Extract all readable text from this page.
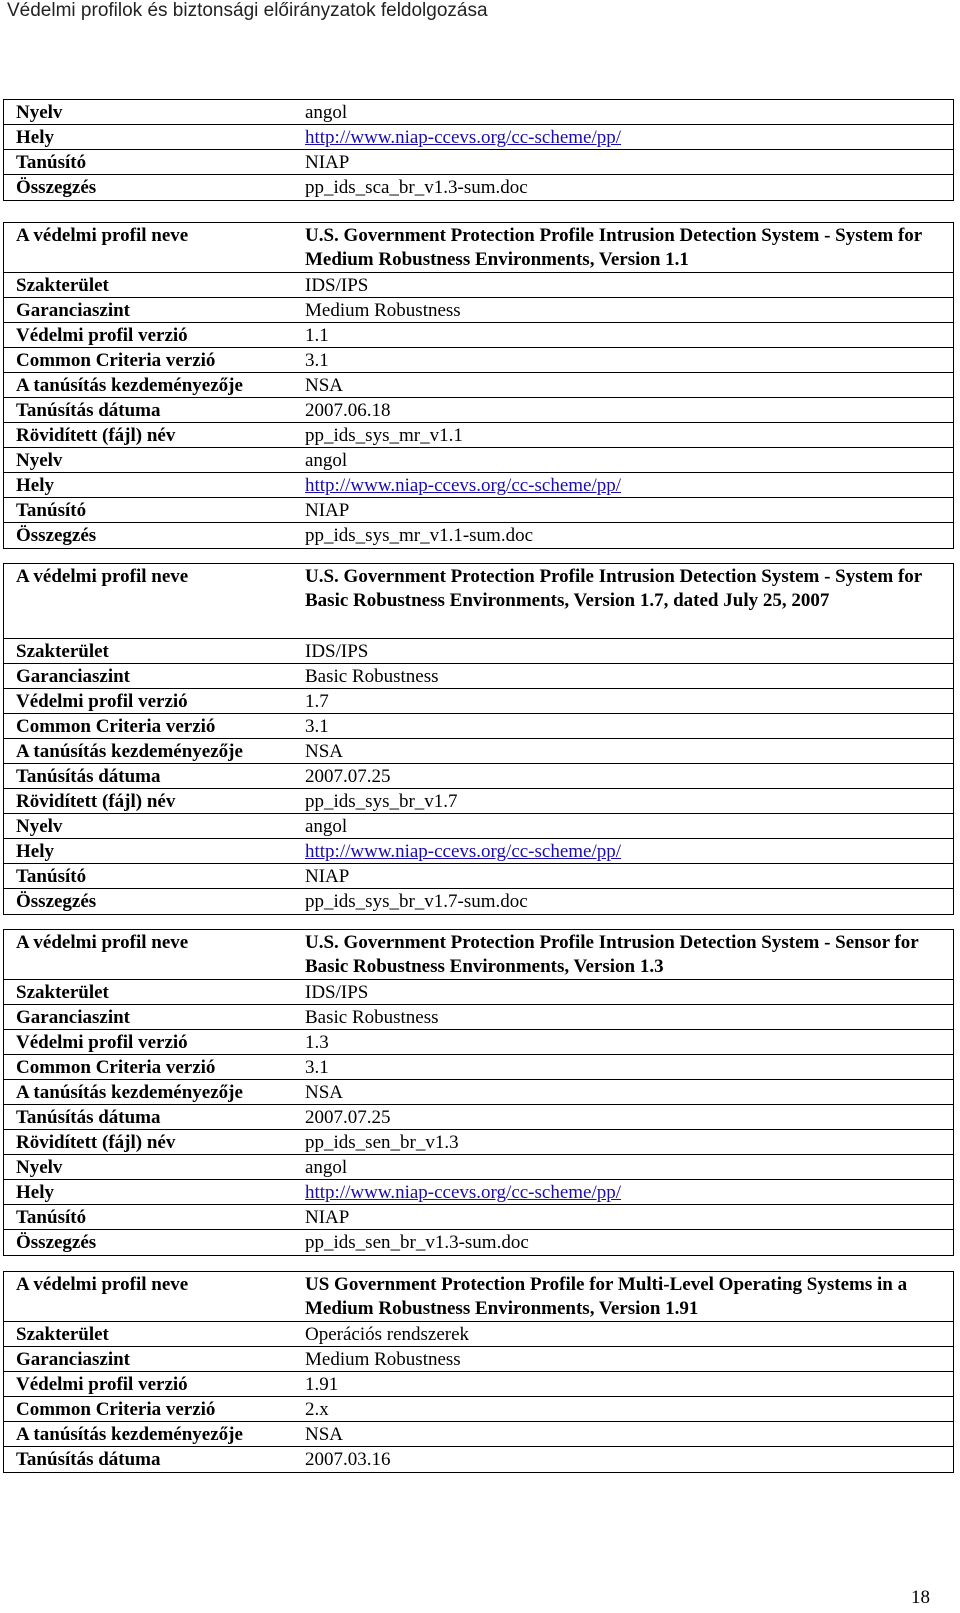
Védelmi profilok és biztonsági előirányzatok feldolgozása
Nyelv	angol
Hely	http://www.niap-ccevs.org/cc-scheme/pp/
Tanúsító	NIAP
Összegzés	pp_ids_sca_br_v1.3-sum.doc
A védelmi profil neve	U.S. Government Protection Profile Intrusion Detection System - System for Medium Robustness Environments, Version 1.1
Szakterület	IDS/IPS
Garanciaszint	Medium Robustness
Védelmi profil verzió	1.1
Common Criteria verzió	3.1
A tanúsítás kezdeményezője	NSA
Tanúsítás dátuma	2007.06.18
Rövidített (fájl) név	pp_ids_sys_mr_v1.1
Nyelv	angol
Hely	http://www.niap-ccevs.org/cc-scheme/pp/
Tanúsító	NIAP
Összegzés	pp_ids_sys_mr_v1.1-sum.doc
A védelmi profil neve	U.S. Government Protection Profile Intrusion Detection System - System for Basic Robustness Environments, Version 1.7, dated July 25, 2007
Szakterület	IDS/IPS
Garanciaszint	Basic Robustness
Védelmi profil verzió	1.7
Common Criteria verzió	3.1
A tanúsítás kezdeményezője	NSA
Tanúsítás dátuma	2007.07.25
Rövidített (fájl) név	pp_ids_sys_br_v1.7
Nyelv	angol
Hely	http://www.niap-ccevs.org/cc-scheme/pp/
Tanúsító	NIAP
Összegzés	pp_ids_sys_br_v1.7-sum.doc
A védelmi profil neve	U.S. Government Protection Profile Intrusion Detection System - Sensor for Basic Robustness Environments, Version 1.3
Szakterület	IDS/IPS
Garanciaszint	Basic Robustness
Védelmi profil verzió	1.3
Common Criteria verzió	3.1
A tanúsítás kezdeményezője	NSA
Tanúsítás dátuma	2007.07.25
Rövidített (fájl) név	pp_ids_sen_br_v1.3
Nyelv	angol
Hely	http://www.niap-ccevs.org/cc-scheme/pp/
Tanúsító	NIAP
Összegzés	pp_ids_sen_br_v1.3-sum.doc
A védelmi profil neve	US Government Protection Profile for Multi-Level Operating Systems in a Medium Robustness Environments, Version 1.91
Szakterület	Operációs rendszerek
Garanciaszint	Medium Robustness
Védelmi profil verzió	1.91
Common Criteria verzió	2.x
A tanúsítás kezdeményezője	NSA
Tanúsítás dátuma	2007.03.16
18
